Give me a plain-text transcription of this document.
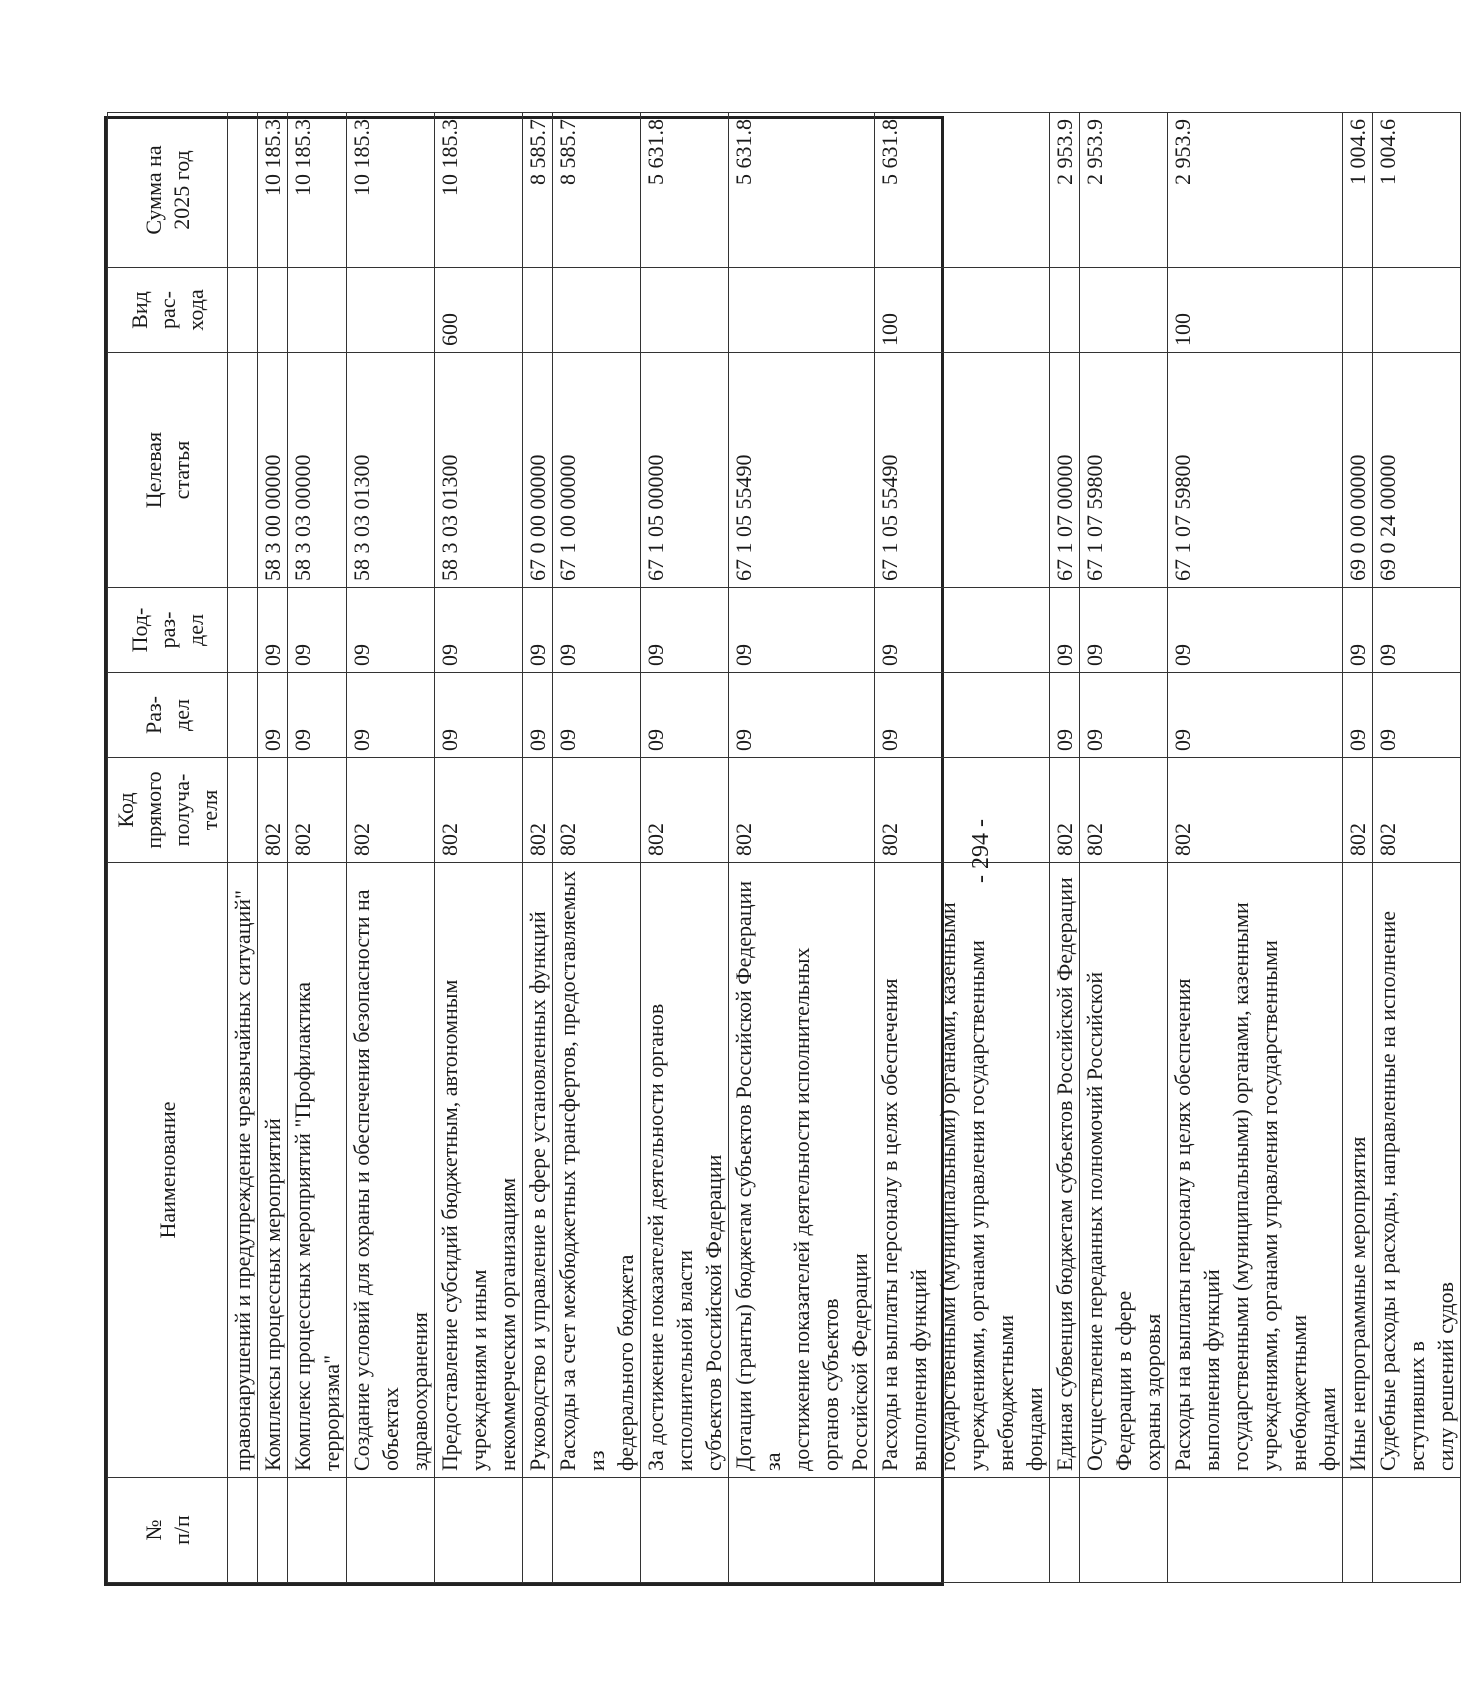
№
п/п	Наименование	Код
прямого
получа-
теля	Раз-
дел	Под-
раз-
дел	Целевая
статья	Вид
рас-
хода	Сумма на
2025 год
	правонарушений и предупреждение чрезвычайных ситуаций"						
	Комплексы процессных мероприятий	802	09	09	58 3 00 00000		10 185.3
	Комплекс процессных мероприятий "Профилактика терроризма"	802	09	09	58 3 03 00000		10 185.3
	Создание условий для охраны и обеспечения безопасности на объектах
здравоохранения	802	09	09	58 3 03 01300		10 185.3
	Предоставление субсидий бюджетным, автономным учреждениям и иным
некоммерческим организациям	802	09	09	58 3 03 01300	600	10 185.3
	Руководство и управление в сфере установленных функций	802	09	09	67 0 00 00000		8 585.7
	Расходы за счет межбюджетных трансфертов, предоставляемых из
федерального бюджета	802	09	09	67 1 00 00000		8 585.7
	За достижение показателей деятельности органов исполнительной власти
субъектов Российской Федерации	802	09	09	67 1 05 00000		5 631.8
	Дотации (гранты) бюджетам субъектов Российской Федерации за
достижение показателей деятельности исполнительных органов субъектов
Российской Федерации	802	09	09	67 1 05 55490		5 631.8
	Расходы на выплаты персоналу в целях обеспечения выполнения функций
государственными (муниципальными) органами, казенными
учреждениями, органами управления государственными внебюджетными
фондами	802	09	09	67 1 05 55490	100	5 631.8
	Единая субвенция бюджетам субъектов Российской Федерации	802	09	09	67 1 07 00000		2 953.9
	Осуществление переданных полномочий Российской Федерации в сфере
охраны здоровья	802	09	09	67 1 07 59800		2 953.9
	Расходы на выплаты персоналу в целях обеспечения выполнения функций
государственными (муниципальными) органами, казенными
учреждениями, органами управления государственными внебюджетными
фондами	802	09	09	67 1 07 59800	100	2 953.9
	Иные непрограммные мероприятия	802	09	09	69 0 00 00000		1 004.6
	Судебные расходы и расходы, направленные на исполнение вступивших в
силу решений судов	802	09	09	69 0 24 00000		1 004.6
- 294 -
